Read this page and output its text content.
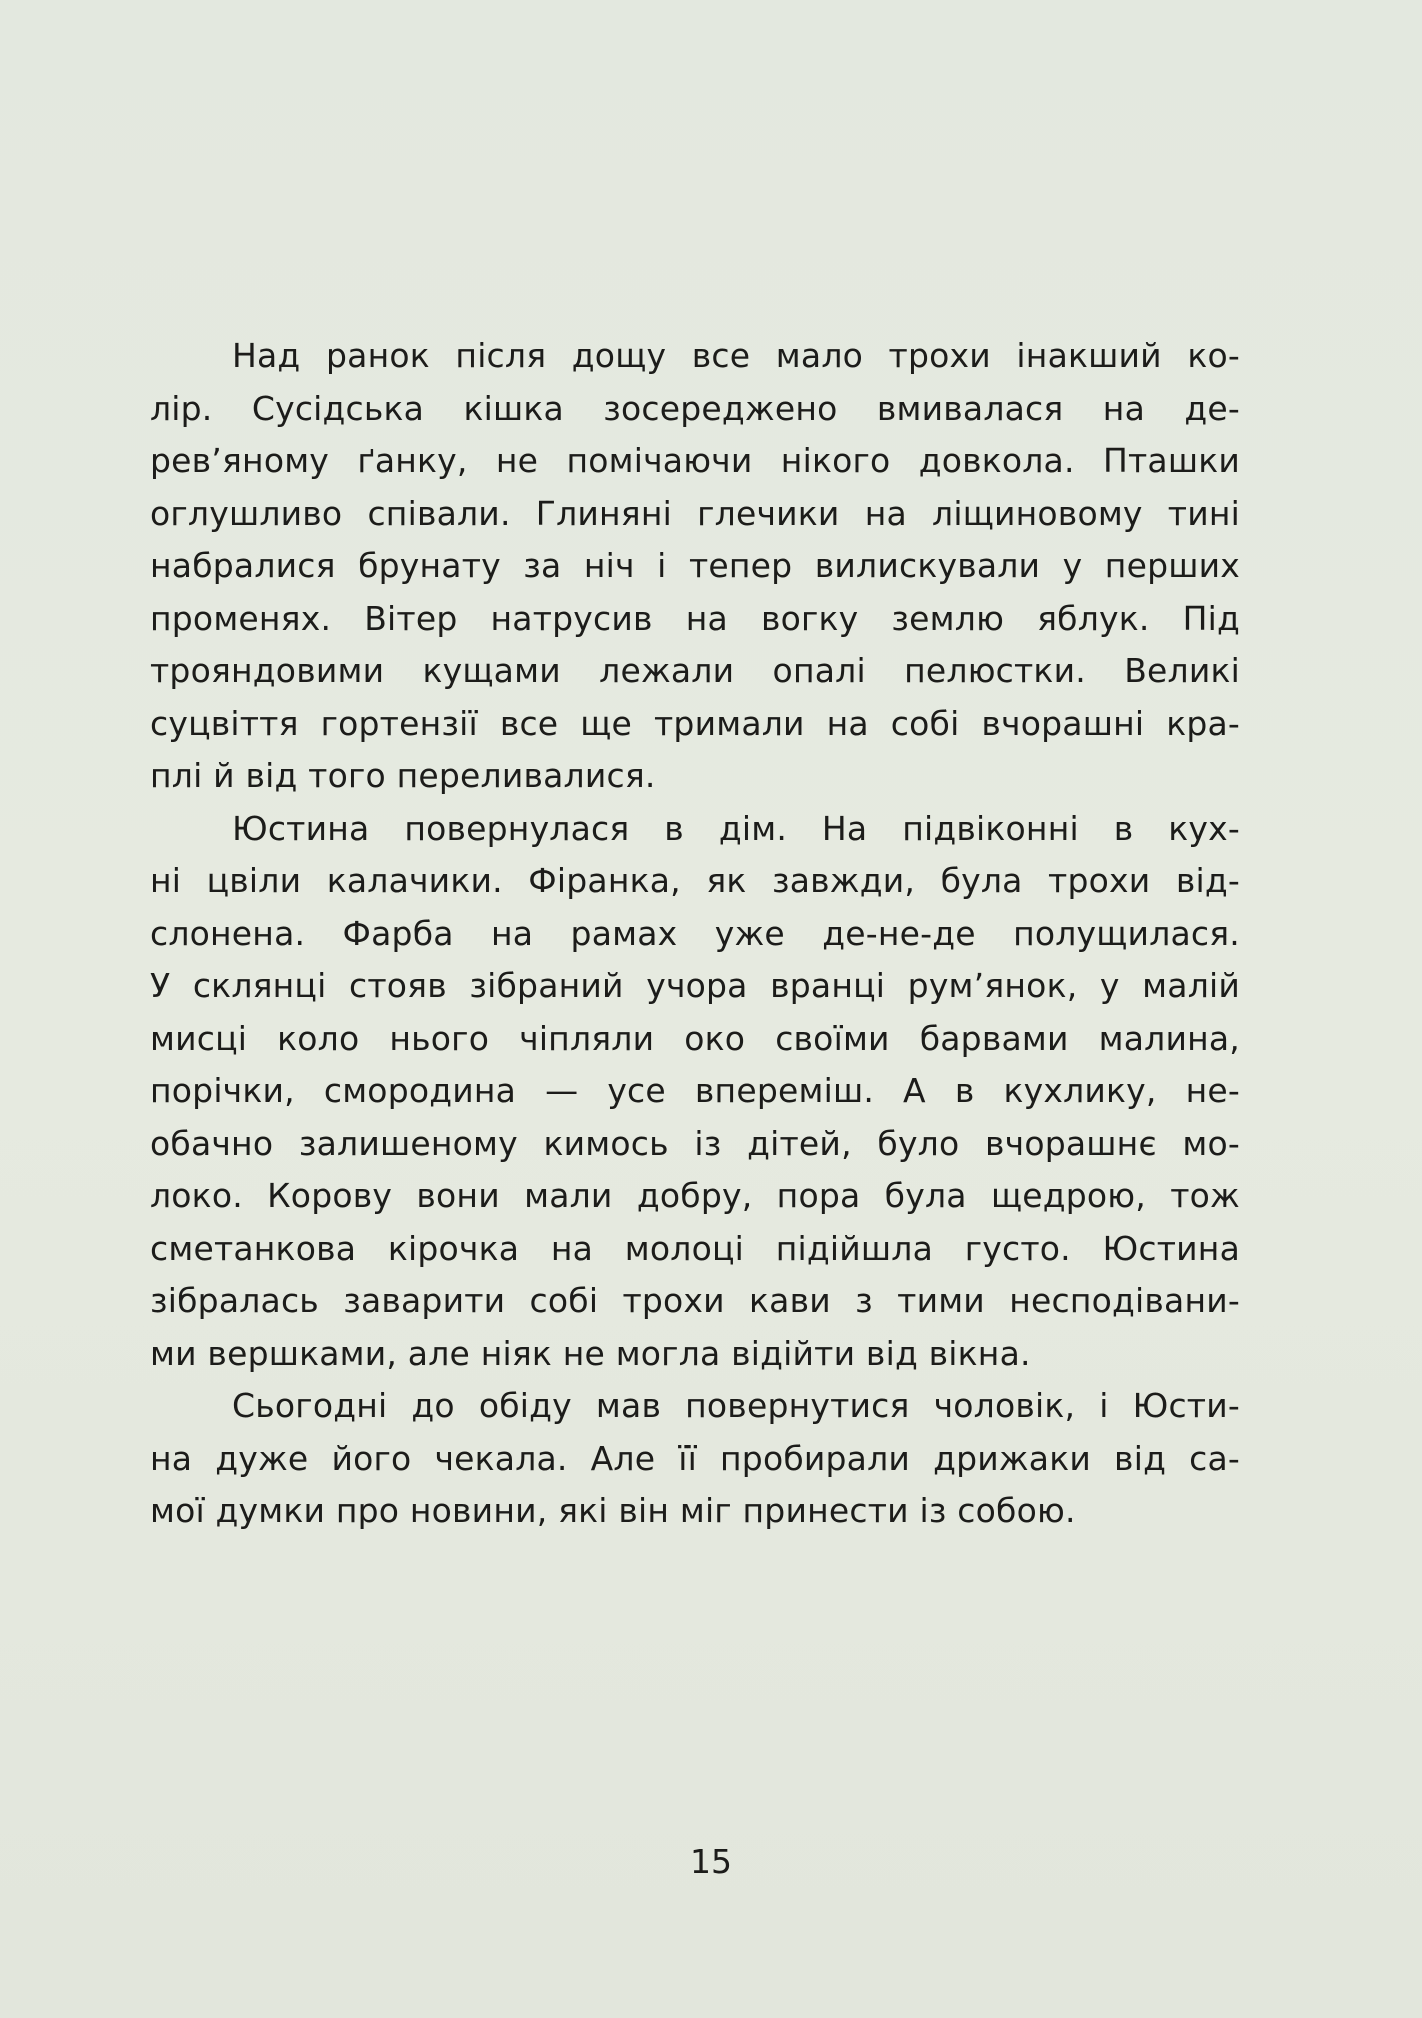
Над ранок після дощу все мало трохи інакший ко-
лір. Сусідська кішка зосереджено вмивалася на де-
рев’яному ґанку, не помічаючи нікого довкола. Пташки
оглушливо співали. Глиняні глечики на ліщиновому тині
набралися брунату за ніч і тепер вилискували у перших
променях. Вітер натрусив на вогку землю яблук. Під
трояндовими кущами лежали опалі пелюстки. Великі
суцвіття гортензії все ще тримали на собі вчорашні кра-
плі й від того переливалися.
Юстина повернулася в дім. На підвіконні в кух-
ні цвіли калачики. Фіранка, як завжди, була трохи від-
слонена. Фарба на рамах уже де-не-де полущилася.
У склянці стояв зібраний учора вранці рум’янок, у малій
мисці коло нього чіпляли око своїми барвами малина,
порічки, смородина — усе впереміш. А в кухлику, не-
обачно залишеному кимось із дітей, було вчорашнє мо-
локо. Корову вони мали добру, пора була щедрою, тож
сметанкова кірочка на молоці підійшла густо. Юстина
зібралась заварити собі трохи кави з тими несподівани-
ми вершками, але ніяк не могла відійти від вікна.
Сьогодні до обіду мав повернутися чоловік, і Юсти-
на дуже його чекала. Але її пробирали дрижаки від са-
мої думки про новини, які він міг принести із собою.
15
